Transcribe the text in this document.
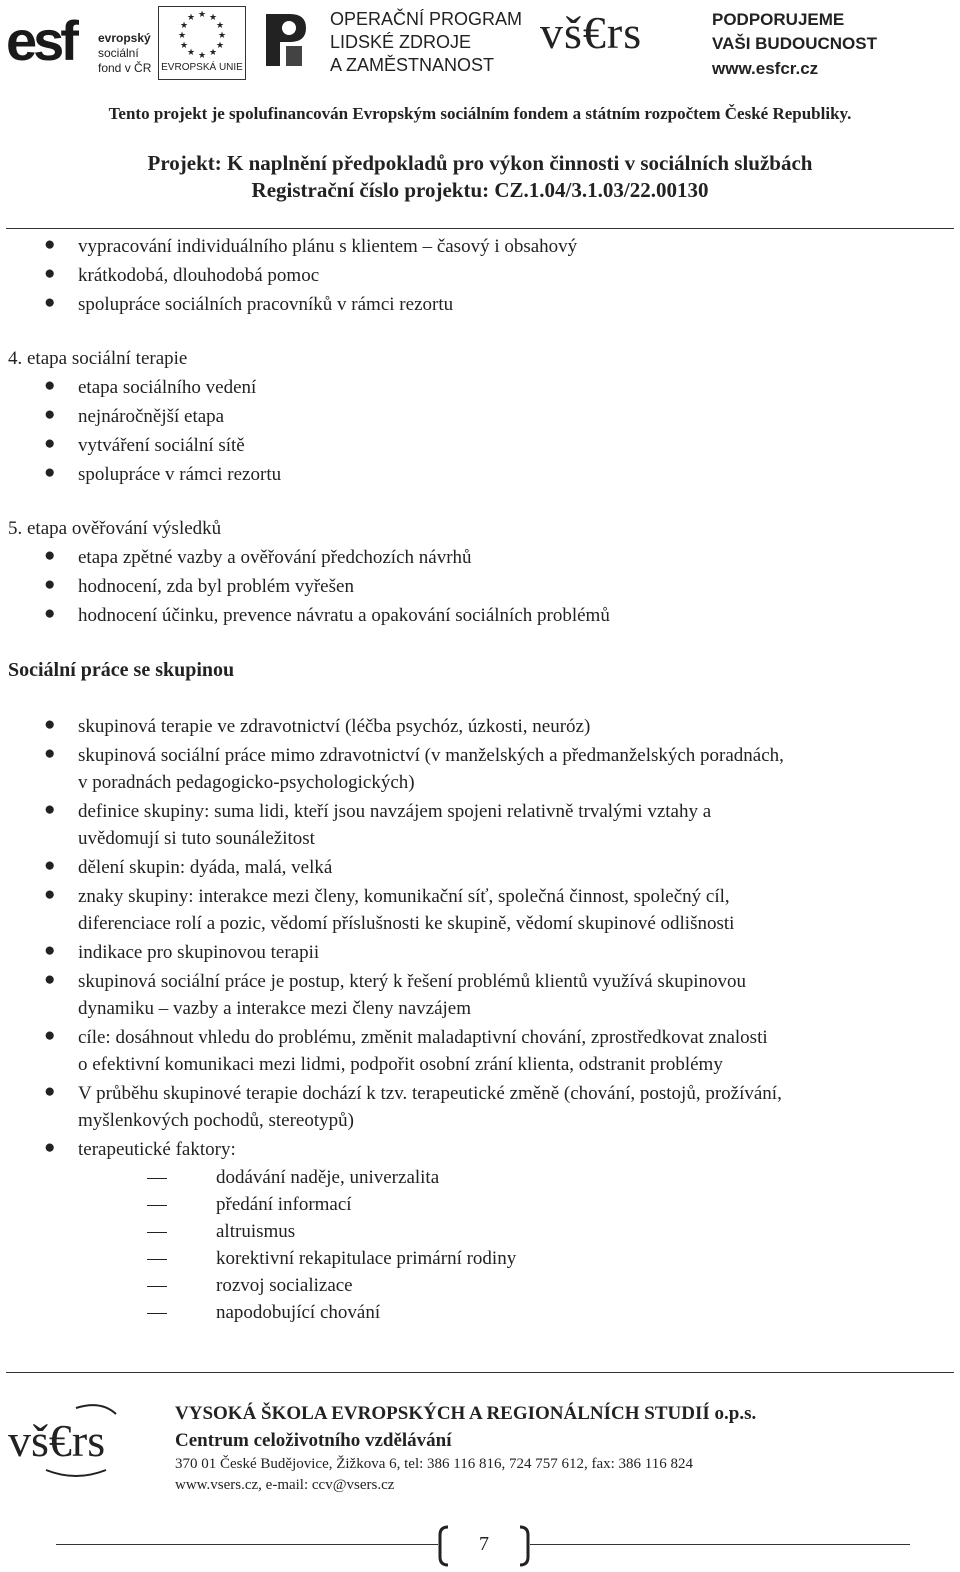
esf evropský
sociální
fond v ČR
★ ★
★
★
★
★
★
★
★
★
★
★
EVROPSKÁ UNIE
OPERAČNÍ PROGRAM
LIDSKÉ ZDROJE
A ZAMĚSTNANOST
vš€rs	PODPORUJEME
VAŠI BUDOUCNOST
www.esfcr.cz
Tento projekt je spolufinancován Evropským sociálním fondem a státním rozpočtem České Republiky.
Projekt: K naplnění předpokladů pro výkon činnosti v sociálních službách
Registrační číslo projektu: CZ.1.04/3.1.03/22.00130
● vypracování individuálního plánu s klientem – časový i obsahový
● krátkodobá, dlouhodobá pomoc
● spolupráce sociálních pracovníků v rámci rezortu
4. etapa sociální terapie
● etapa sociálního vedení
● nejnáročnější etapa
● vytváření sociální sítě
● spolupráce v rámci rezortu
5. etapa ověřování výsledků
● etapa zpětné vazby a ověřování předchozích návrhů
● hodnocení, zda byl problém vyřešen
● hodnocení účinku, prevence návratu a opakování sociálních problémů
Sociální práce se skupinou
● skupinová terapie ve zdravotnictví (léčba psychóz, úzkosti, neuróz)
● skupinová sociální práce mimo zdravotnictví (v manželských a předmanželských poradnách,
v poradnách pedagogicko-psychologických)
● definice skupiny: suma lidi, kteří jsou navzájem spojeni relativně trvalými vztahy a
uvědomují si tuto sounáležitost
● dělení skupin: dyáda, malá, velká
● znaky skupiny: interakce mezi členy, komunikační síť, společná činnost, společný cíl,
diferenciace rolí a pozic, vědomí příslušnosti ke skupině, vědomí skupinové odlišnosti
● indikace pro skupinovou terapii
● skupinová sociální práce je postup, který k řešení problémů klientů využívá skupinovou
dynamiku – vazby a interakce mezi členy navzájem
● cíle: dosáhnout vhledu do problému, změnit maladaptivní chování, zprostředkovat znalosti
o efektivní komunikaci mezi lidmi, podpořit osobní zrání klienta, odstranit problémy
● V průběhu skupinové terapie dochází k tzv. terapeutické změně (chování, postojů, prožívání,
myšlenkových pochodů, stereotypů)
● terapeutické faktory:
dodávání naděje, univerzalita
předání informací
altruismus
korektivní rekapitulace primární rodiny
rozvoj socializace
napodobující chování
vš€rs
VYSOKÁ ŠKOLA EVROPSKÝCH A REGIONÁLNÍCH STUDIÍ o.p.s.
Centrum celoživotního vzdělávání
370 01 České Budějovice, Žižkova 6, tel: 386 116 816, 724 757 612, fax: 386 116 824
www.vsers.cz, e-mail: ccv@vsers.cz
7
